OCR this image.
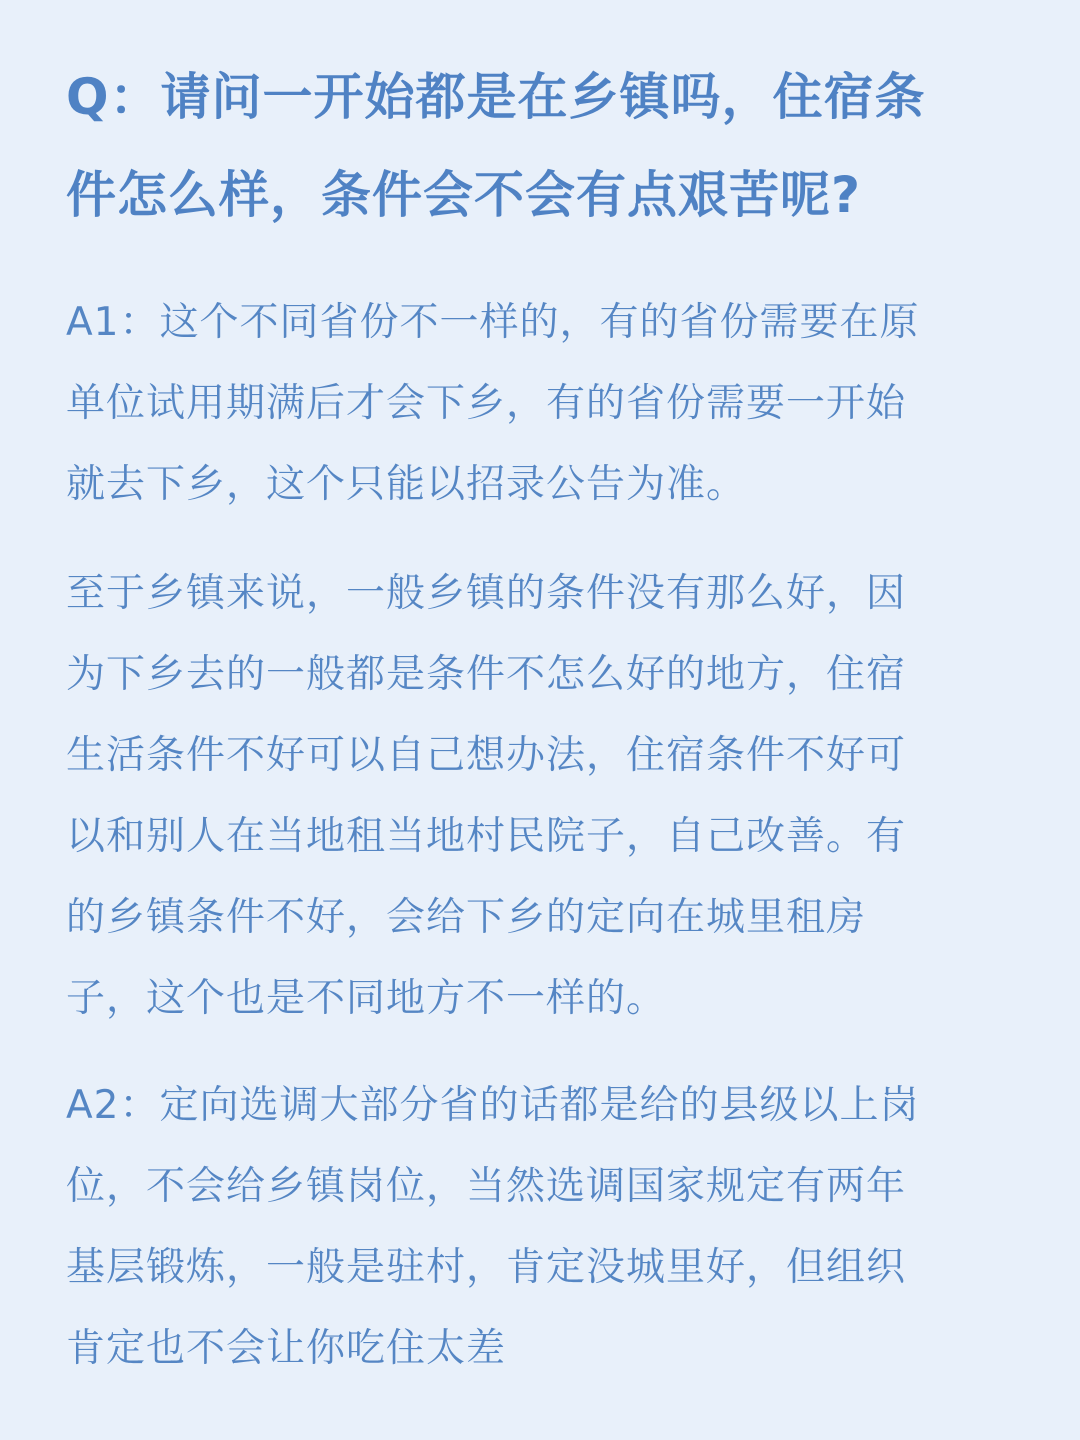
Q：请问一开始都是在乡镇吗，住宿条
件怎么样，条件会不会有点艰苦呢?

A1：这个不同省份不一样的，有的省份需要在原
单位试用期满后才会下乡，有的省份需要一开始
就去下乡，这个只能以招录公告为准。

至于乡镇来说，一般乡镇的条件没有那么好，因
为下乡去的一般都是条件不怎么好的地方，住宿
生活条件不好可以自己想办法，住宿条件不好可
以和别人在当地租当地村民院子，自己改善。有
的乡镇条件不好，会给下乡的定向在城里租房
子，这个也是不同地方不一样的。

A2：定向选调大部分省的话都是给的县级以上岗
位，不会给乡镇岗位，当然选调国家规定有两年
基层锻炼，一般是驻村，肯定没城里好，但组织
肯定也不会让你吃住太差
